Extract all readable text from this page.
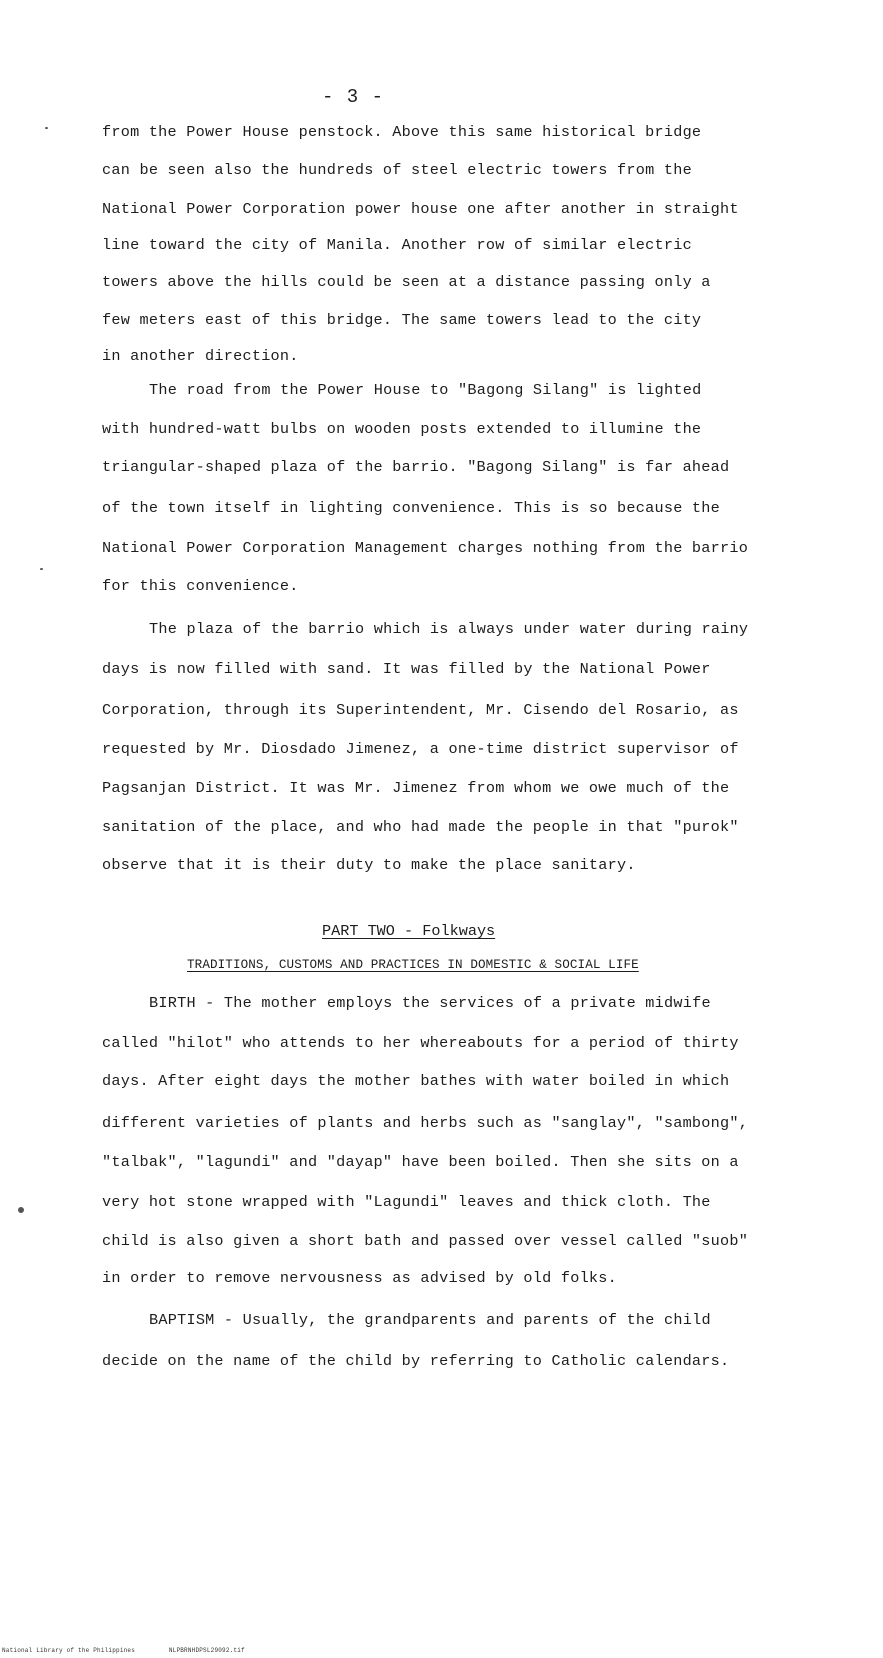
- 3 -
from the Power House penstock. Above this same historical bridge
can be seen also the hundreds of steel electric towers from the
National Power Corporation power house one after another in straight
line toward the city of Manila. Another row of similar electric
towers above the hills could be seen at a distance passing only a
few meters east of this bridge. The same towers lead to the city
in another direction.
The road from the Power House to "Bagong Silang" is lighted
with hundred-watt bulbs on wooden posts extended to illumine the
triangular-shaped plaza of the barrio. "Bagong Silang" is far ahead
of the town itself in lighting convenience. This is so because the
National Power Corporation Management charges nothing from the barrio
for this convenience.
The plaza of the barrio which is always under water during rainy
days is now filled with sand. It was filled by the National Power
Corporation, through its Superintendent, Mr. Cisendo del Rosario, as
requested by Mr. Diosdado Jimenez, a one-time district supervisor of
Pagsanjan District. It was Mr. Jimenez from whom we owe much of the
sanitation of the place, and who had made the people in that "purok"
observe that it is their duty to make the place sanitary.
PART TWO - Folkways
TRADITIONS, CUSTOMS AND PRACTICES IN DOMESTIC & SOCIAL LIFE
BIRTH - The mother employs the services of a private midwife
called "hilot" who attends to her whereabouts for a period of thirty
days. After eight days the mother bathes with water boiled in which
different varieties of plants and herbs such as "sanglay", "sambong",
"talbak", "lagundi" and "dayap" have been boiled. Then she sits on a
very hot stone wrapped with "Lagundi" leaves and thick cloth. The
child is also given a short bath and passed over vessel called "suob"
in order to remove nervousness as advised by old folks.
BAPTISM - Usually, the grandparents and parents of the child
decide on the name of the child by referring to Catholic calendars.
National Library of the Philippines	NLPBRNHDPSL29092.tif
